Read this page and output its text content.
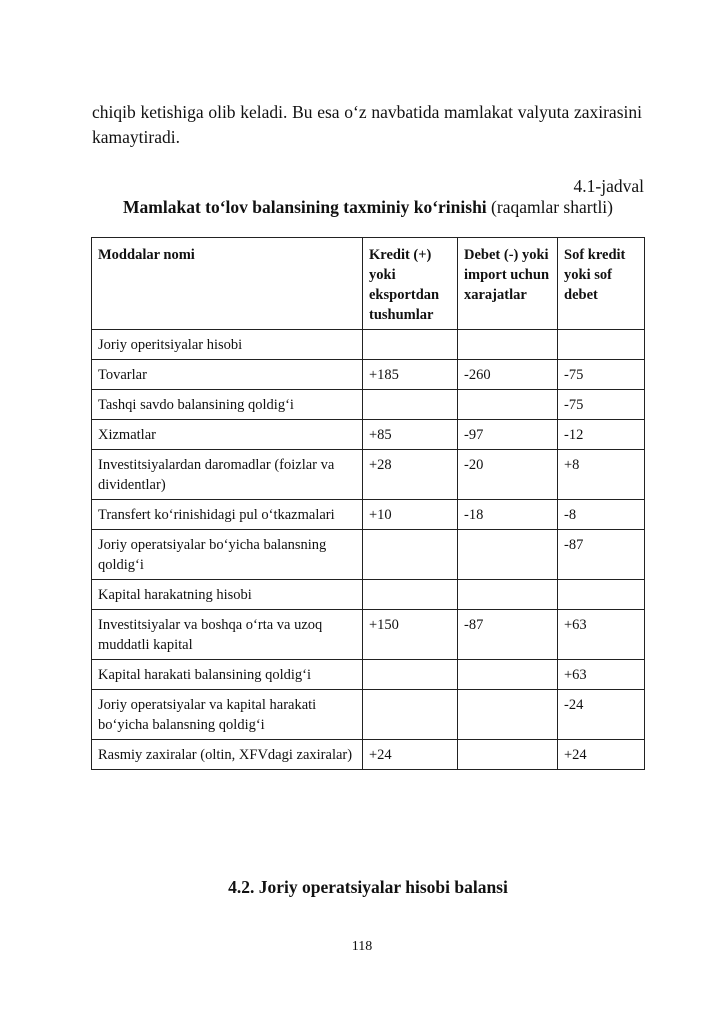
chiqib ketishiga olib keladi. Bu esa o‘z navbatida mamlakat valyuta zaxirasini kamaytiradi.

4.1-jadval

Mamlakat to‘lov balansining taxminiy ko‘rinishi (raqamlar shartli)

Moddalar nomi	Kredit (+) yoki eksportdan tushumlar	Debet (-) yoki import uchun xarajatlar	Sof kredit yoki sof debet
Joriy operitsiyalar hisobi			
Tovarlar	+185	-260	-75
Tashqi savdo balansining qoldig‘i			-75
Xizmatlar	+85	-97	-12
Investitsiyalardan daromadlar (foizlar va dividentlar)	+28	-20	+8
Transfert ko‘rinishidagi pul o‘tkazmalari	+10	-18	-8
Joriy operatsiyalar bo‘yicha balansning qoldig‘i			-87
Kapital harakatning hisobi			
Investitsiyalar va boshqa o‘rta va uzoq muddatli kapital	+150	-87	+63
Kapital harakati balansining qoldig‘i			+63
Joriy operatsiyalar va kapital harakati bo‘yicha balansning qoldig‘i			-24
Rasmiy zaxiralar (oltin, XFVdagi zaxiralar)	+24		+24

4.2. Joriy operatsiyalar hisobi balansi

118
